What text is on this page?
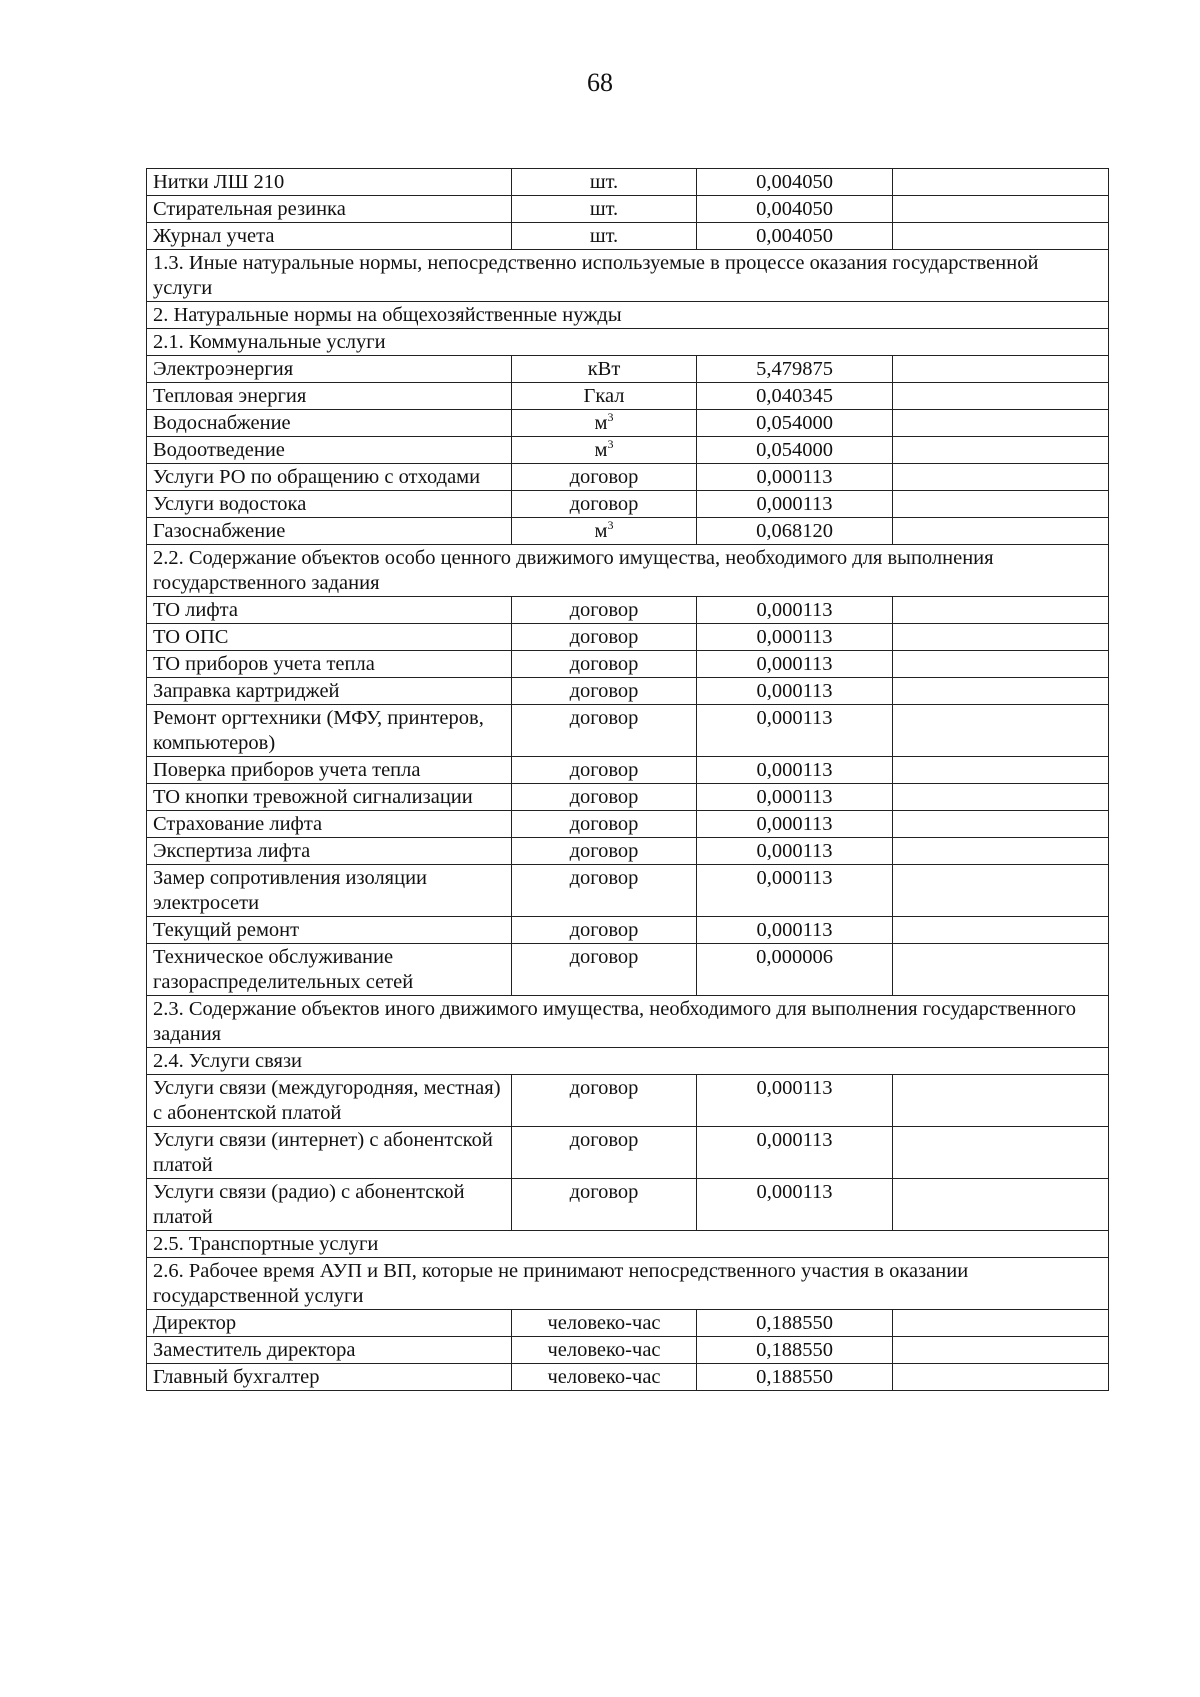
68
Нитки ЛШ 210	шт.	0,004050	
Стирательная резинка	шт.	0,004050	
Журнал учета	шт.	0,004050	
1.3. Иные натуральные нормы, непосредственно используемые в процессе оказания государственной услуги			
2. Натуральные нормы на общехозяйственные нужды			
2.1. Коммунальные услуги			
Электроэнергия	кВт	5,479875	
Тепловая энергия	Гкал	0,040345	
Водоснабжение	$м^3$	0,054000	
Водоотведение	$м^3$	0,054000	
Услуги РО по обращению с отходами	договор	0,000113	
Услуги водостока	договор	0,000113	
Газоснабжение	$м^3$	0,068120	
2.2. Содержание объектов особо ценного движимого имущества, необходимого для выполнения государственного задания			
ТО лифта	договор	0,000113	
ТО ОПС	договор	0,000113	
ТО приборов учета тепла	договор	0,000113	
Заправка картриджей	договор	0,000113	
Ремонт оргтехники (МФУ, принтеров, компьютеров)	договор	0,000113	
Поверка приборов учета тепла	договор	0,000113	
ТО кнопки тревожной сигнализации	договор	0,000113	
Страхование лифта	договор	0,000113	
Экспертиза лифта	договор	0,000113	
Замер сопротивления изоляции электросети	договор	0,000113	
Текущий ремонт	договор	0,000113	
Техническое обслуживание газораспределительных сетей	договор	0,000006	
2.3. Содержание объектов иного движимого имущества, необходимого для выполнения государственного задания			
2.4. Услуги связи			
Услуги связи (междугородняя, местная) с абонентской платой	договор	0,000113	
Услуги связи (интернет) с абонентской платой	договор	0,000113	
Услуги связи (радио) с абонентской платой	договор	0,000113	
2.5. Транспортные услуги			
2.6. Рабочее время АУП и ВП, которые не принимают непосредственного участия в оказании государственной услуги			
Директор	человеко-час	0,188550	
Заместитель директора	человеко-час	0,188550	
Главный бухгалтер	человеко-час	0,188550	
